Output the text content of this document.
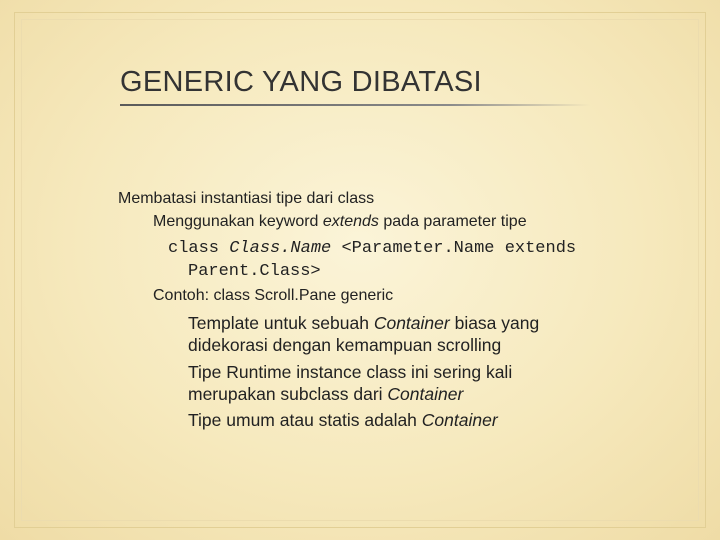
GENERIC YANG DIBATASI
Membatasi instantiasi tipe dari class
Menggunakan keyword extends pada parameter tipe
class Class.Name <Parameter.Name extends
Parent.Class>
Contoh: class Scroll.Pane generic
Template untuk sebuah Container biasa yang
didekorasi dengan kemampuan scrolling
Tipe Runtime instance class ini sering kali
merupakan subclass dari Container
Tipe umum atau statis adalah Container
